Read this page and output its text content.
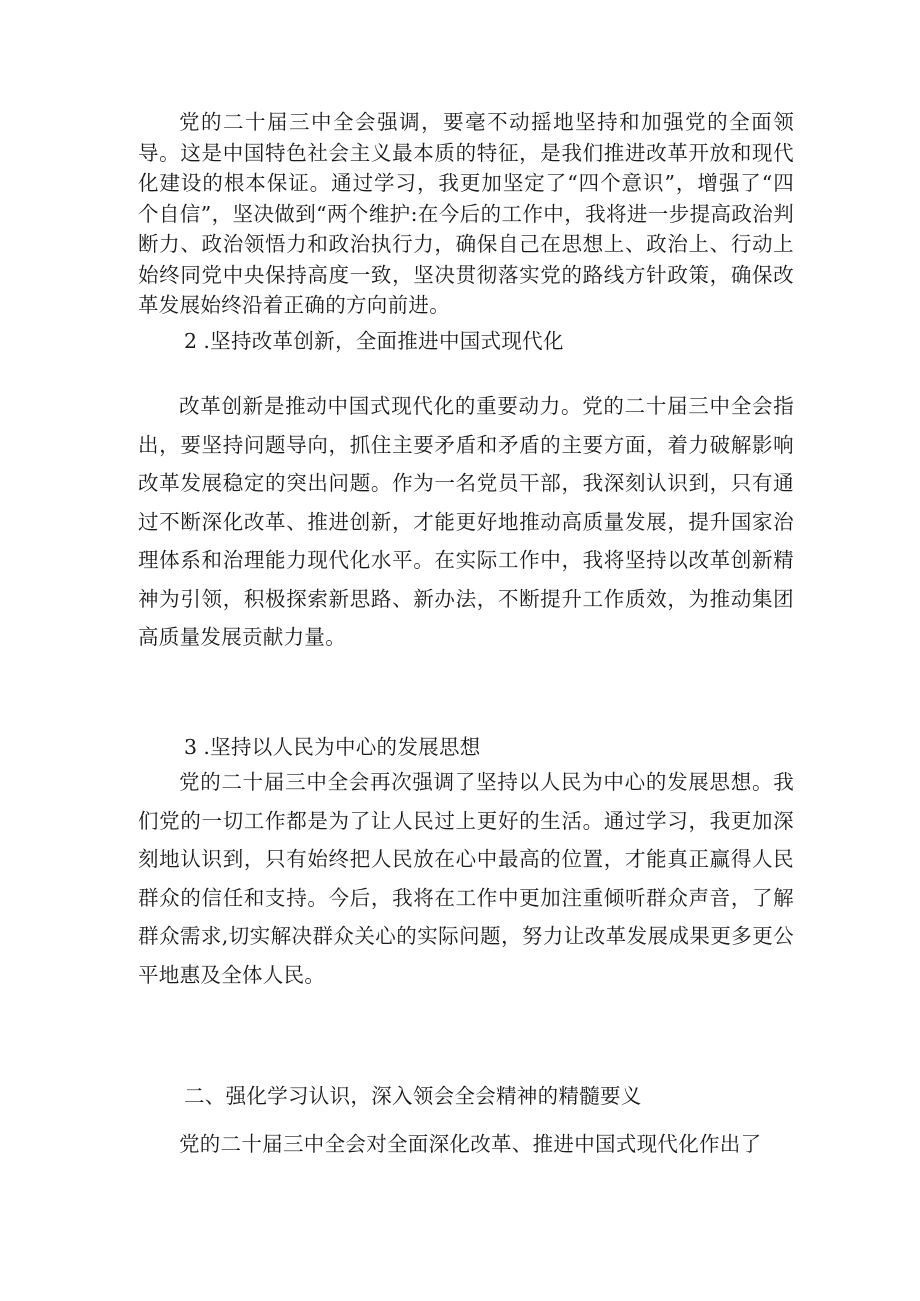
党的二十届三中全会强调，要毫不动摇地坚持和加强党的全面领导。这是中国特色社会主义最本质的特征，是我们推进改革开放和现代化建设的根本保证。通过学习，我更加坚定了“四个意识”，增强了“四个自信”，坚决做到“两个维护:在今后的工作中，我将进一步提高政治判断力、政治领悟力和政治执行力，确保自己在思想上、政治上、行动上始终同党中央保持高度一致，坚决贯彻落实党的路线方针政策，确保改革发展始终沿着正确的方向前进。

2 .坚持改革创新，全面推进中国式现代化

改革创新是推动中国式现代化的重要动力。党的二十届三中全会指出，要坚持问题导向，抓住主要矛盾和矛盾的主要方面，着力破解影响改革发展稳定的突出问题。作为一名党员干部，我深刻认识到，只有通过不断深化改革、推进创新，才能更好地推动高质量发展，提升国家治理体系和治理能力现代化水平。在实际工作中，我将坚持以改革创新精神为引领，积极探索新思路、新办法，不断提升工作质效，为推动集团高质量发展贡献力量。

3 .坚持以人民为中心的发展思想

党的二十届三中全会再次强调了坚持以人民为中心的发展思想。我们党的一切工作都是为了让人民过上更好的生活。通过学习，我更加深刻地认识到，只有始终把人民放在心中最高的位置，才能真正赢得人民群众的信任和支持。今后，我将在工作中更加注重倾听群众声音，了解群众需求,切实解决群众关心的实际问题，努力让改革发展成果更多更公平地惠及全体人民。

二、强化学习认识，深入领会全会精神的精髓要义

党的二十届三中全会对全面深化改革、推进中国式现代化作出了
